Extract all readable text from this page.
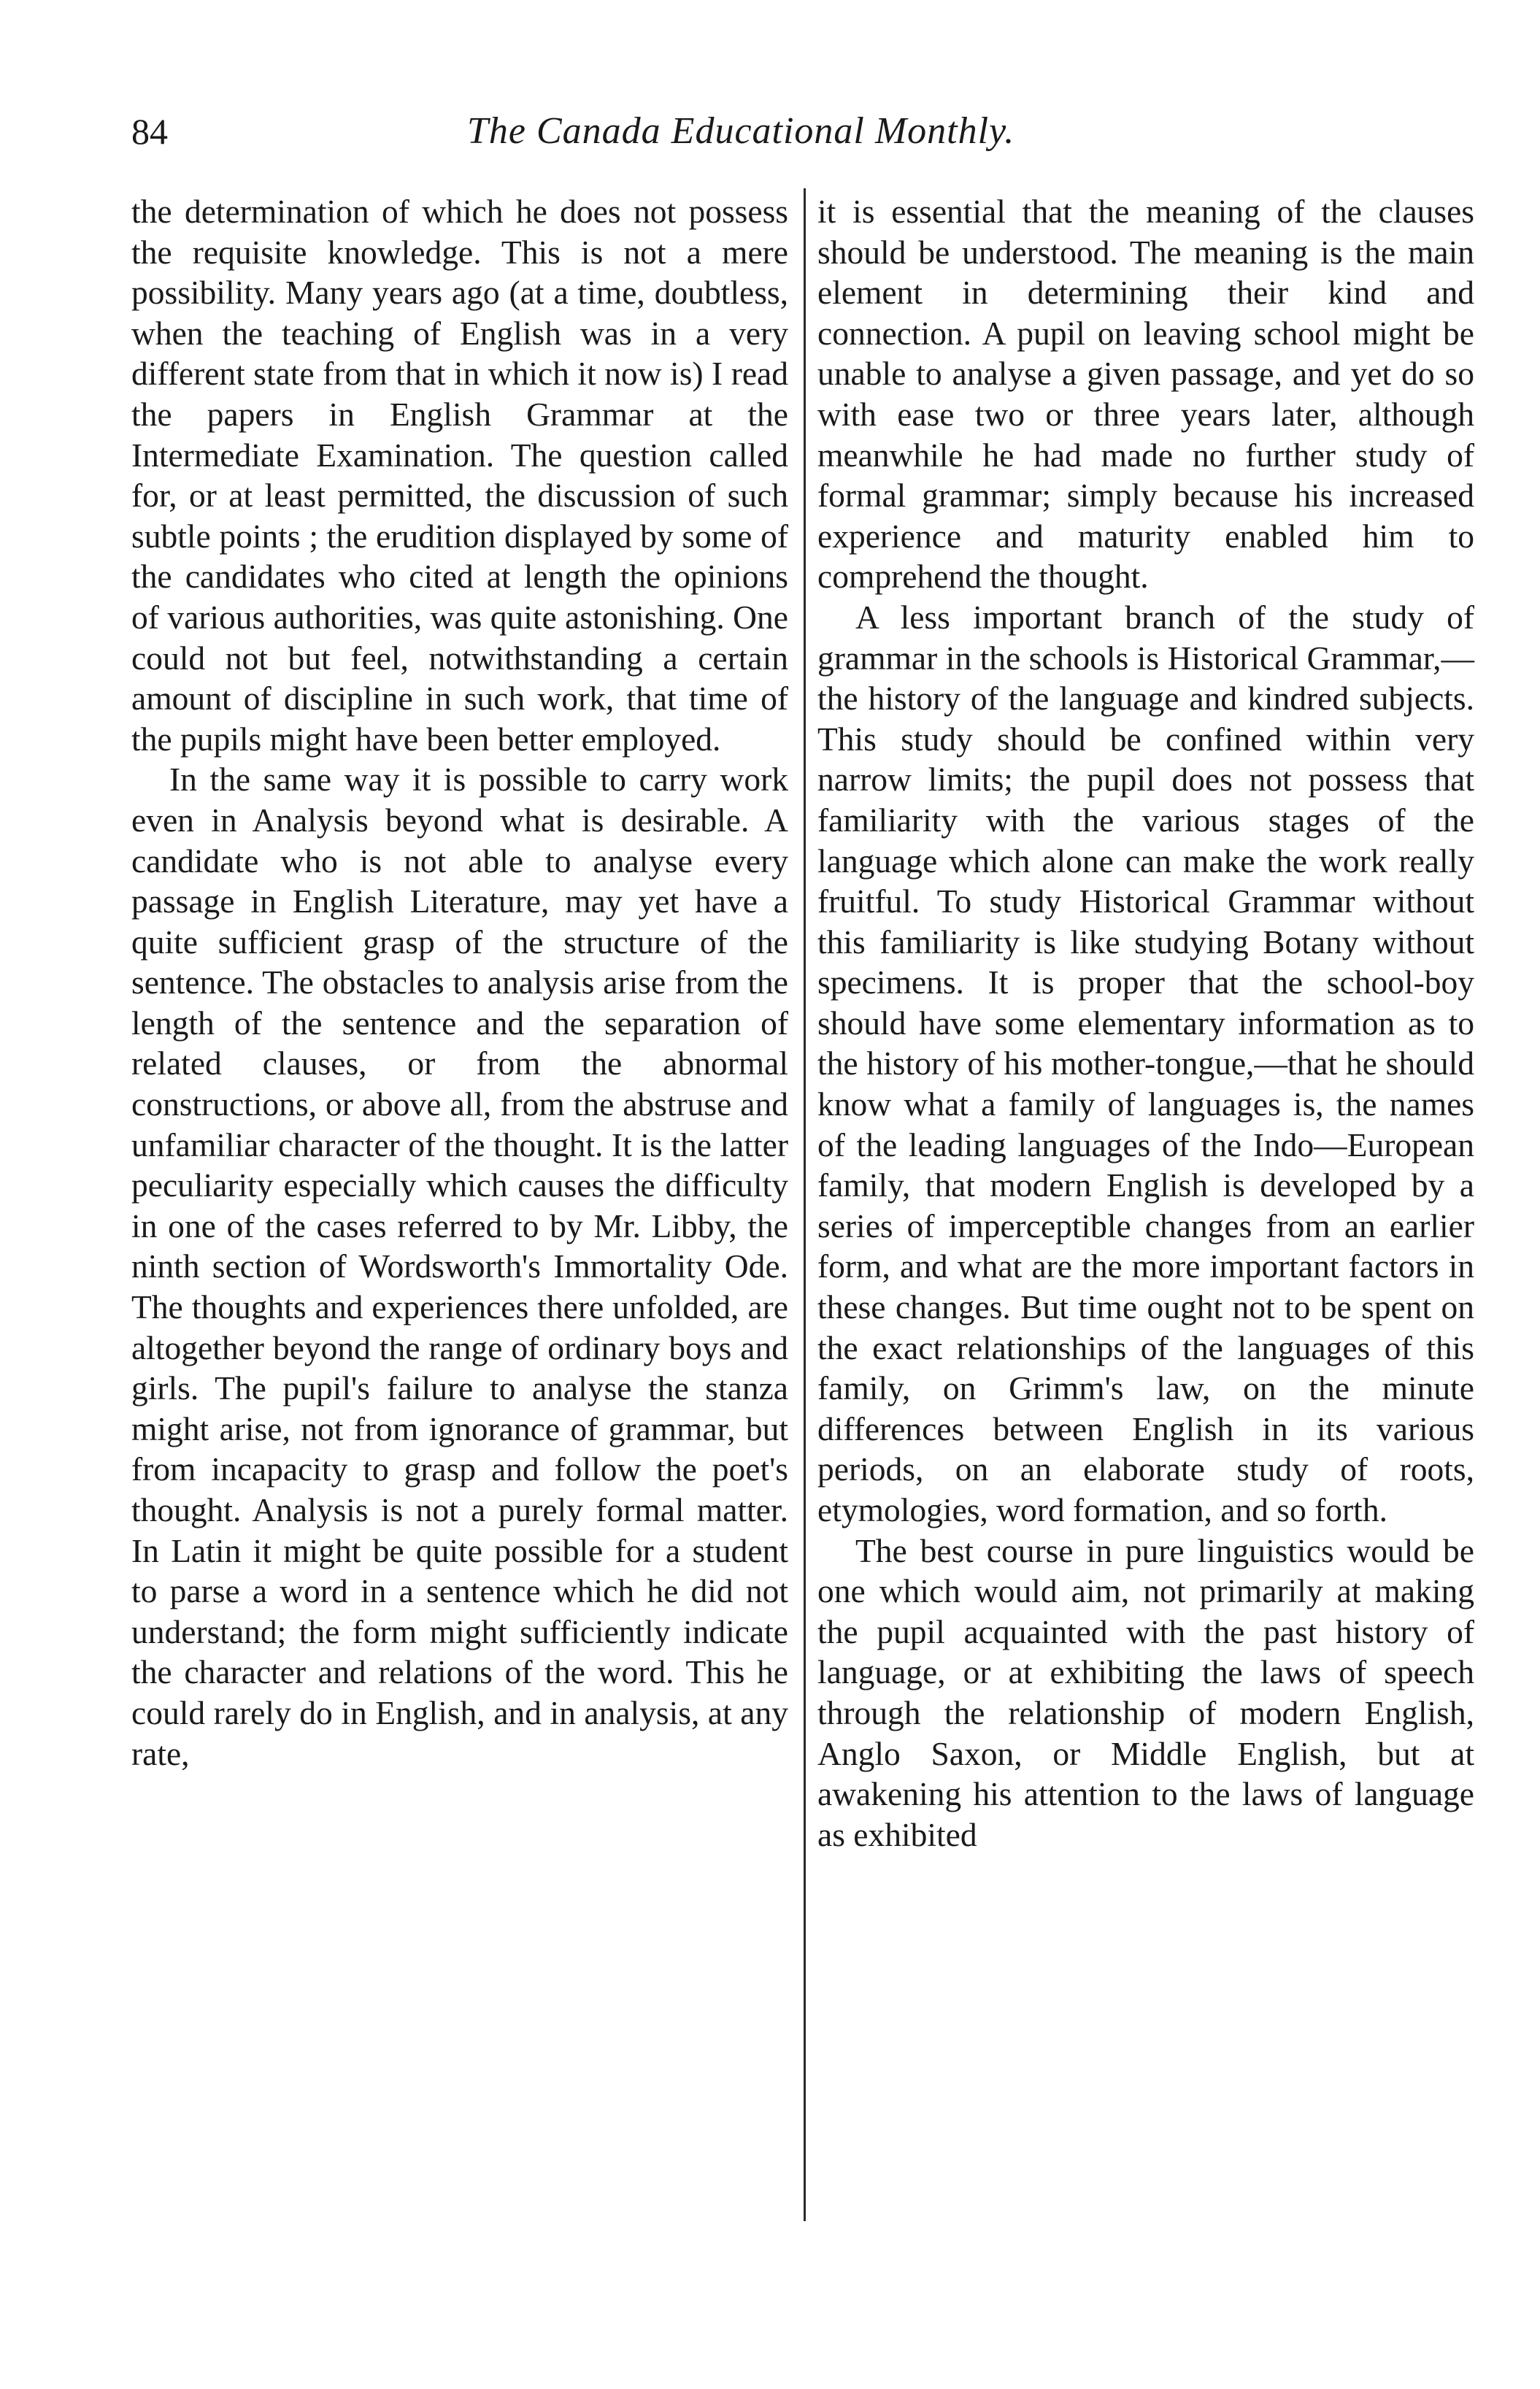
84	The Canada Educational Monthly.

the determination of which he does not possess the requisite knowledge. This is not a mere possibility. Many years ago (at a time, doubtless, when the teaching of English was in a very different state from that in which it now is) I read the papers in English Grammar at the Intermediate Examination. The question called for, or at least permitted, the discussion of such subtle points ; the erudition displayed by some of the candidates who cited at length the opinions of various authorities, was quite astonishing. One could not but feel, notwithstanding a certain amount of discipline in such work, that time of the pupils might have been better employed.

In the same way it is possible to carry work even in Analysis beyond what is desirable. A candidate who is not able to analyse every passage in English Literature, may yet have a quite sufficient grasp of the structure of the sentence. The obstacles to analysis arise from the length of the sentence and the separation of related clauses, or from the abnormal constructions, or above all, from the abstruse and unfamiliar character of the thought. It is the latter peculiarity especially which causes the difficulty in one of the cases referred to by Mr. Libby, the ninth section of Wordsworth's Immortality Ode. The thoughts and experiences there unfolded, are altogether beyond the range of ordinary boys and girls. The pupil's failure to analyse the stanza might arise, not from ignorance of grammar, but from incapacity to grasp and follow the poet's thought. Analysis is not a purely formal matter. In Latin it might be quite possible for a student to parse a word in a sentence which he did not understand; the form might sufficiently indicate the character and relations of the word. This he could rarely do in English, and in analysis, at any rate,

it is essential that the meaning of the clauses should be understood. The meaning is the main element in determining their kind and connection. A pupil on leaving school might be unable to analyse a given passage, and yet do so with ease two or three years later, although meanwhile he had made no further study of formal grammar; simply because his increased experience and maturity enabled him to comprehend the thought.

A less important branch of the study of grammar in the schools is Historical Grammar,—the history of the language and kindred subjects. This study should be confined within very narrow limits; the pupil does not possess that familiarity with the various stages of the language which alone can make the work really fruitful. To study Historical Grammar without this familiarity is like studying Botany without specimens. It is proper that the school-boy should have some elementary information as to the history of his mother-tongue,—that he should know what a family of languages is, the names of the leading languages of the Indo—European family, that modern English is developed by a series of imperceptible changes from an earlier form, and what are the more important factors in these changes. But time ought not to be spent on the exact relationships of the languages of this family, on Grimm's law, on the minute differences between English in its various periods, on an elaborate study of roots, etymologies, word formation, and so forth.

The best course in pure linguistics would be one which would aim, not primarily at making the pupil acquainted with the past history of language, or at exhibiting the laws of speech through the relationship of modern English, Anglo Saxon, or Middle English, but at awakening his attention to the laws of language as exhibited
